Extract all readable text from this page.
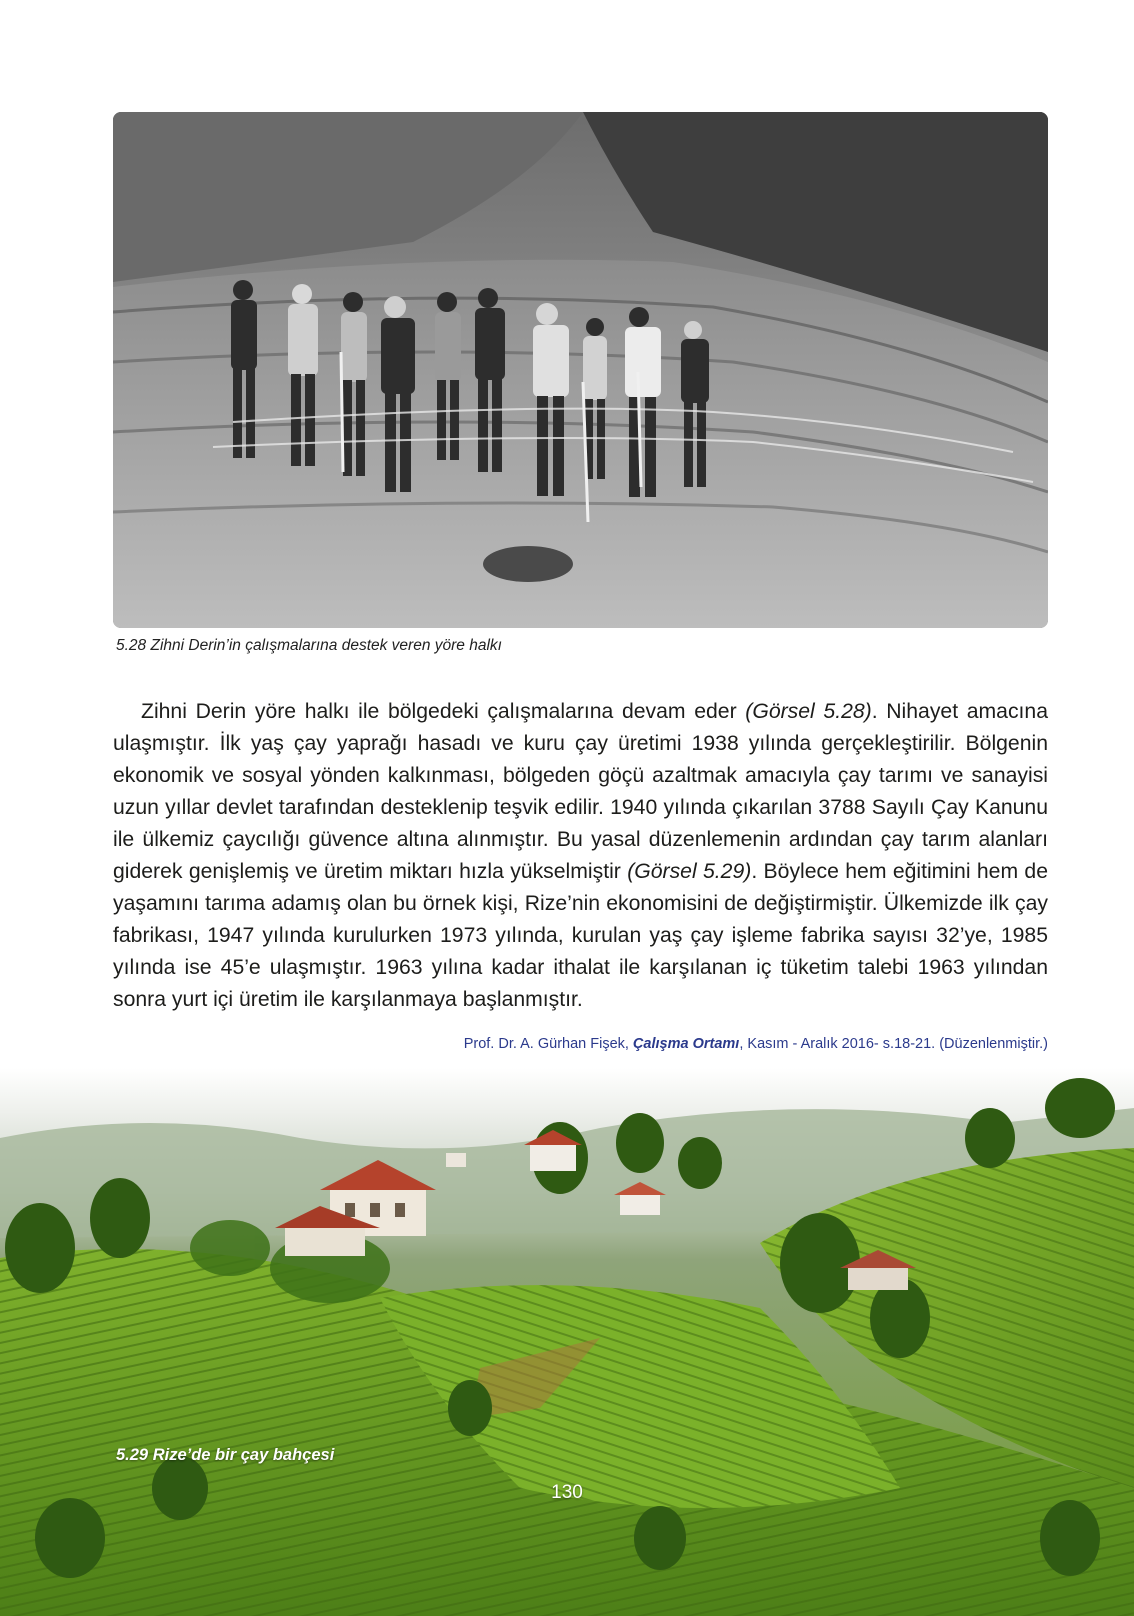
5.28 Zihni Derin’in çalışmalarına destek veren yöre halkı

Zihni Derin yöre halkı ile bölgedeki çalışmalarına devam eder (Görsel 5.28). Nihayet amacına ulaşmıştır. İlk yaş çay yaprağı hasadı ve kuru çay üretimi 1938 yılında gerçekleştirilir. Bölgenin ekonomik ve sosyal yönden kalkınması, bölgeden göçü azaltmak amacıyla çay tarımı ve sanayisi uzun yıllar devlet tarafından desteklenip teşvik edilir. 1940 yılında çıkarılan 3788 Sayılı Çay Kanunu ile ülkemiz çaycılığı güvence altına alınmıştır. Bu yasal düzenlemenin ardından çay tarım alanları giderek genişlemiş ve üretim miktarı hızla yükselmiştir (Görsel 5.29). Böylece hem eğitimini hem de yaşamını tarıma adamış olan bu örnek kişi, Rize’nin ekonomisini de değiştirmiştir. Ülkemizde ilk çay fabrikası, 1947 yılında kurulurken 1973 yılında, kurulan yaş çay işleme fabrika sayısı 32’ye, 1985 yılında ise 45’e ulaşmıştır. 1963 yılına kadar ithalat ile karşılanan iç tüketim talebi 1963 yılından sonra yurt içi üretim ile karşılanmaya başlanmıştır.

Prof. Dr. A. Gürhan Fişek, Çalışma Ortamı, Kasım - Aralık 2016- s.18-21. (Düzenlenmiştir.)
5.29 Rize’de bir çay bahçesi
130
